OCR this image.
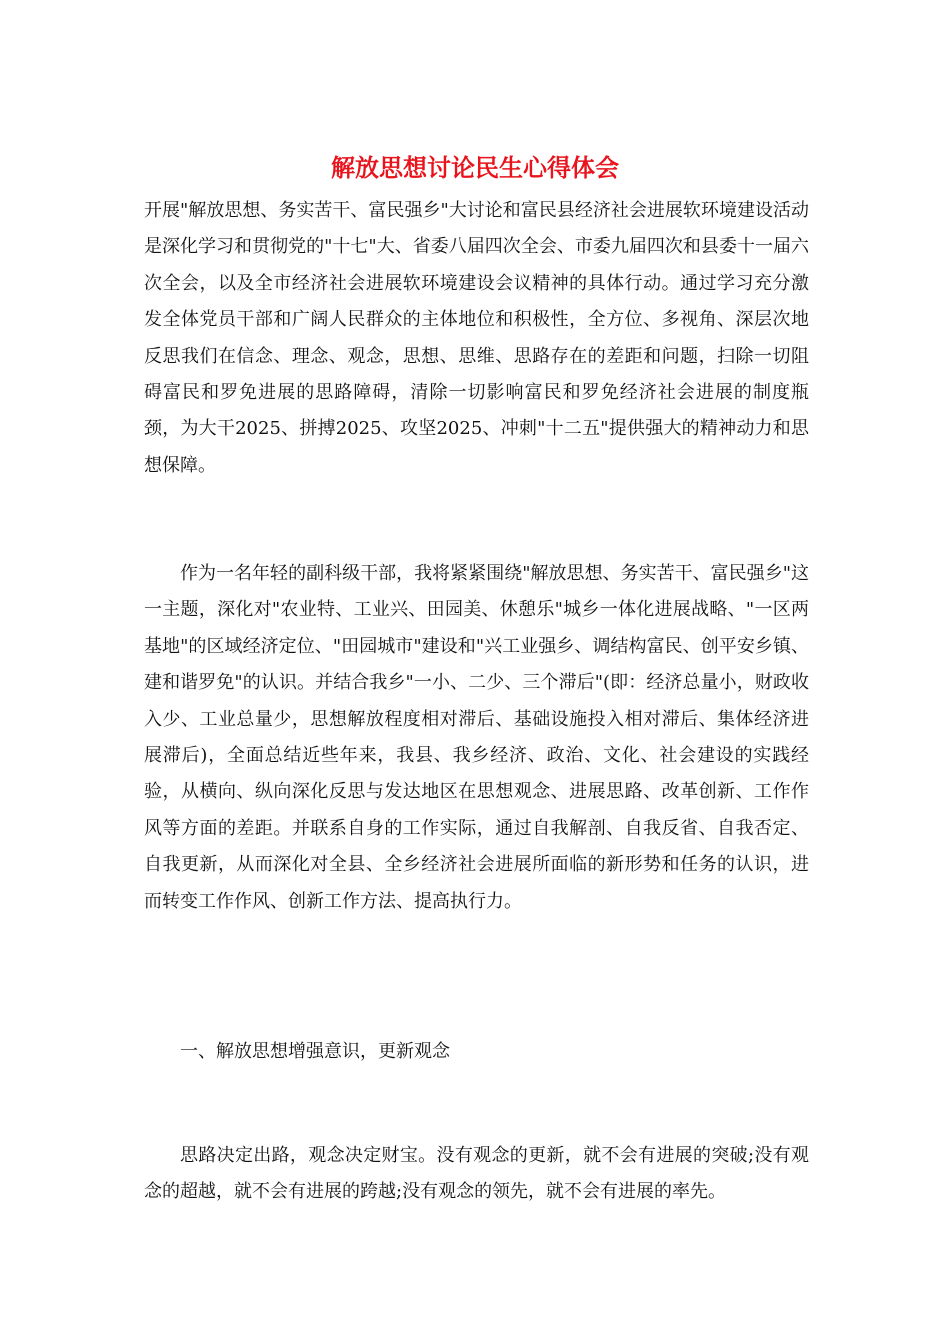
解放思想讨论民生心得体会

开展"解放思想、务实苦干、富民强乡"大讨论和富民县经济社会进展软环境建设活动是深化学习和贯彻党的"十七"大、省委八届四次全会、市委九届四次和县委十一届六次全会，以及全市经济社会进展软环境建设会议精神的具体行动。通过学习充分激发全体党员干部和广阔人民群众的主体地位和积极性，全方位、多视角、深层次地反思我们在信念、理念、观念，思想、思维、思路存在的差距和问题，扫除一切阻碍富民和罗免进展的思路障碍，清除一切影响富民和罗免经济社会进展的制度瓶颈，为大干2025、拼搏2025、攻坚2025、冲刺"十二五"提供强大的精神动力和思想保障。

作为一名年轻的副科级干部，我将紧紧围绕"解放思想、务实苦干、富民强乡"这一主题，深化对"农业特、工业兴、田园美、休憩乐"城乡一体化进展战略、"一区两基地"的区域经济定位、"田园城市"建设和"兴工业强乡、调结构富民、创平安乡镇、建和谐罗免"的认识。并结合我乡"一小、二少、三个滞后"(即：经济总量小，财政收入少、工业总量少，思想解放程度相对滞后、基础设施投入相对滞后、集体经济进展滞后)，全面总结近些年来，我县、我乡经济、政治、文化、社会建设的实践经验，从横向、纵向深化反思与发达地区在思想观念、进展思路、改革创新、工作作风等方面的差距。并联系自身的工作实际，通过自我解剖、自我反省、自我否定、自我更新，从而深化对全县、全乡经济社会进展所面临的新形势和任务的认识，进而转变工作作风、创新工作方法、提高执行力。

一、解放思想增强意识，更新观念

思路决定出路，观念决定财宝。没有观念的更新，就不会有进展的突破;没有观念的超越，就不会有进展的跨越;没有观念的领先，就不会有进展的率先。
